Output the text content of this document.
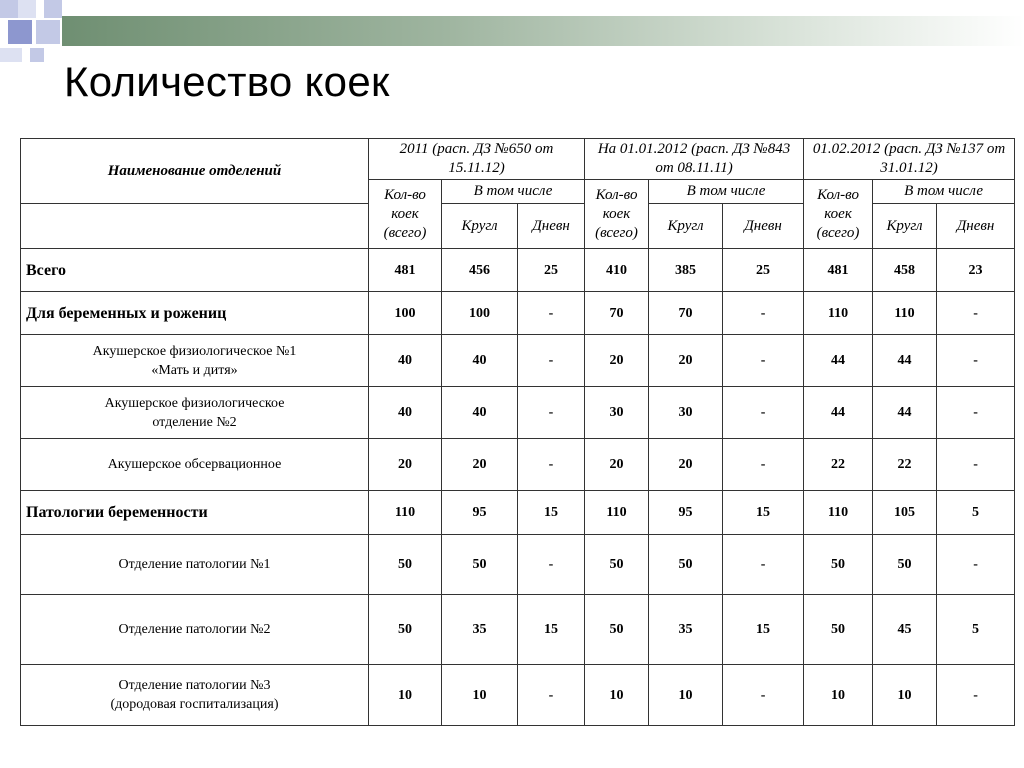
Количество коек
Наименование отделений	2011 (расп. ДЗ №650 от 15.11.12)			На 01.01.2012 (расп. ДЗ №843 от 08.11.11)			01.02.2012 (расп. ДЗ №137 от 31.01.12)		
	Кол-во коек (всего)	В том числе		Кол-во коек (всего)	В том числе		Кол-во коек (всего)	В том числе	
		Кругл	Дневн		Кругл	Дневн		Кругл	Дневн
Всего	481	456	25	410	385	25	481	458	23
Для беременных и рожениц	100	100	-	70	70	-	110	110	-

Акушерское физиологическое №1
«Мать и дитя»	40	40	-	20	20	-	44	44	-

Акушерское физиологическое
отделение №2	40	40	-	30	30	-	44	44	-

Акушерское обсервационное	20	20	-	20	20	-	22	22	-
Патологии беременности	110	95	15	110	95	15	110	105	5

Отделение патологии №1	50	50	-	50	50	-	50	50	-

Отделение патологии №2	50	35	15	50	35	15	50	45	5

Отделение патологии №3
(дородовая госпитализация)	10	10	-	10	10	-	10	10	-
